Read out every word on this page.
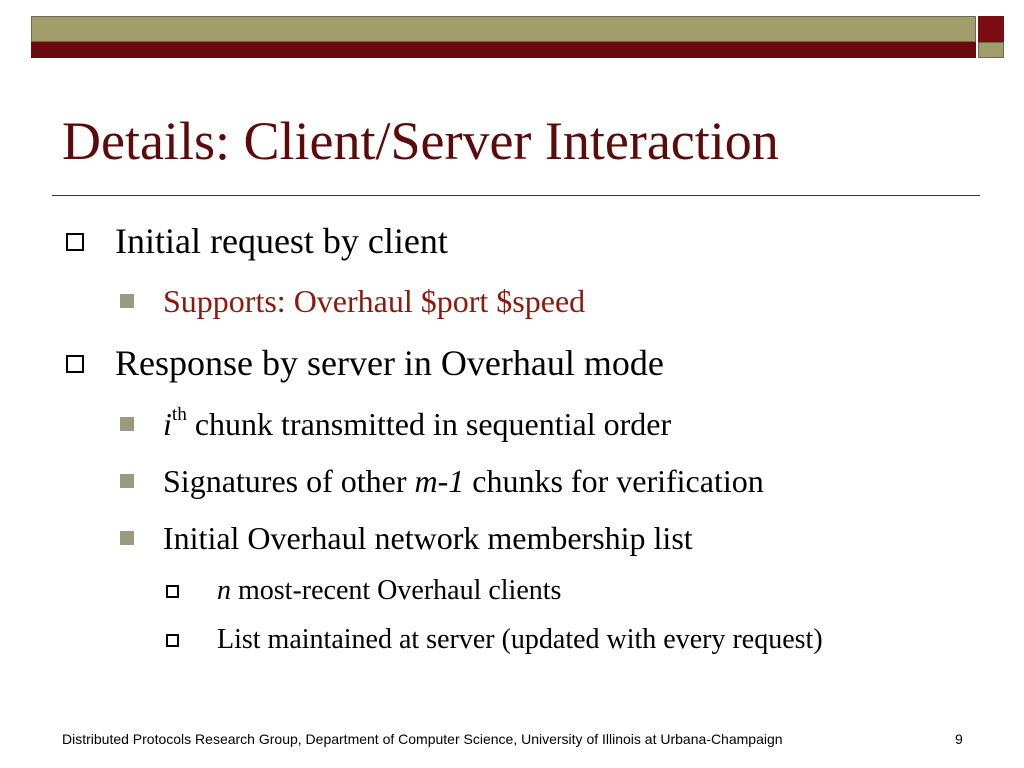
Details: Client/Server Interaction
Initial request by client
Supports: Overhaul $port $speed
Response by server in Overhaul mode
$i^{th}$ chunk transmitted in sequential order
Signatures of other m-1 chunks for verification
Initial Overhaul network membership list
n most-recent Overhaul clients
List maintained at server (updated with every request)
Distributed Protocols Research Group, Department of Computer Science, University of Illinois at Urbana-Champaign	9
